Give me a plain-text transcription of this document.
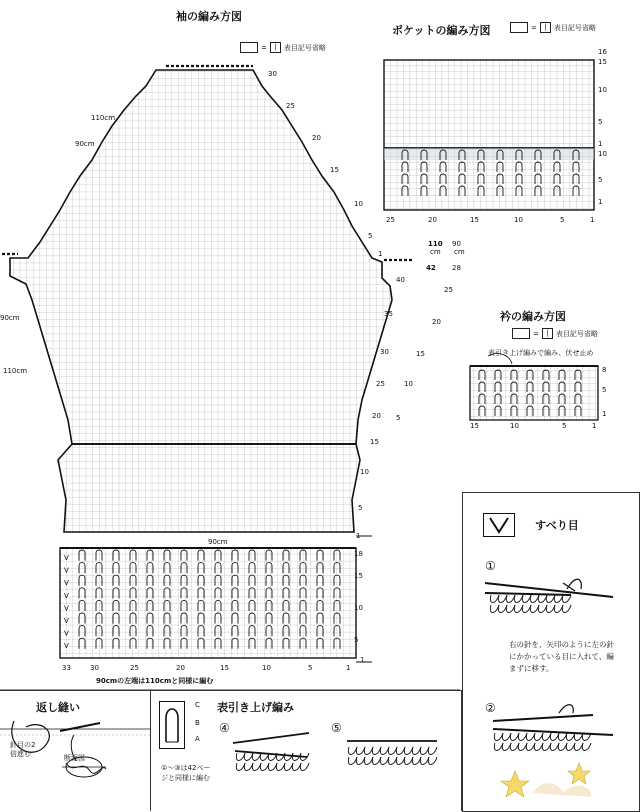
袖の編み方図
=	|	表目記号省略
V
V
V
V
V
V
V
V
110cm
90cm
90cm
110cm
90cm
30
25
20
15
10
5
1
40
35
30
25
20
15
10
5
1
18
15
10
5
1
33	30	25	20	15	10	5	1
110
cm
90
cm
42 28
25
20
15
10
5
90cmの左端は110cmと同様に編む
ポケットの編み方図	=	|	表目記号省略
16
15
10
5
1
10
5
1
25	20	15	10	5	1
衿の編み方図
=	|	表目記号省略
表引き上げ編みで編み、伏せ止め
8
5
1
15	10	5	1
すべり目
①
右の針を、矢印のように左の針にかかっている目に入れて、編まずに移す。
②
返し縫い
針目の2倍進む	断面図
C
B
A
表引き上げ編み
④	⑤
①〜③は42ページと同様に編む
